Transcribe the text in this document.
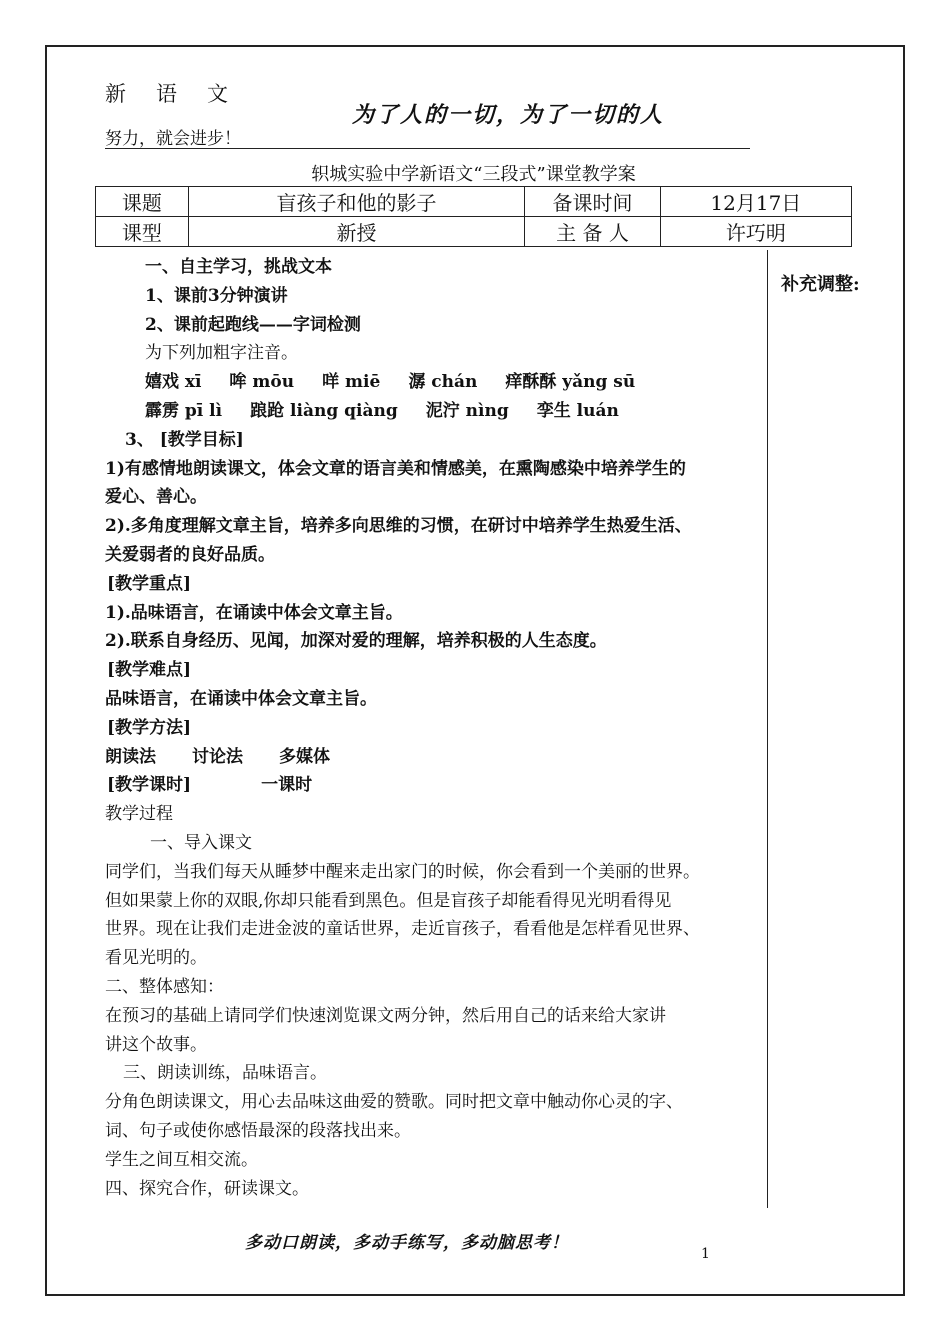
新语文
为了人的一切，为了一切的人
努力，就会进步！
轵城实验中学新语文“三段式”课堂教学案
课题	盲孩子和他的影子	备课时间	12月17日
课型	新授	主 备 人	许巧明
补充调整:
一、自主学习，挑战文本
1、课前3分钟演讲
2、课前起跑线——字词检测
为下列加粗字注音。
嬉戏 xī 哞 mōu 咩 miē 潺 chán 痒酥酥 yǎng sū
霹雳 pī lì 踉跄 liàng qiàng 泥泞 nìng 孪生 luán
3、 [教学目标]
1)有感情地朗读课文，体会文章的语言美和情感美，在熏陶感染中培养学生的
爱心、善心。
2).多角度理解文章主旨，培养多向思维的习惯，在研讨中培养学生热爱生活、
关爱弱者的良好品质。
[教学重点]
1).品味语言，在诵读中体会文章主旨。
2).联系自身经历、见闻，加深对爱的理解，培养积极的人生态度。
[教学难点]
品味语言，在诵读中体会文章主旨。
[教学方法]
朗读法 讨论法 多媒体
[教学课时]	一课时
教学过程
一、导入课文
同学们，当我们每天从睡梦中醒来走出家门的时候，你会看到一个美丽的世界。
但如果蒙上你的双眼,你却只能看到黑色。但是盲孩子却能看得见光明看得见
世界。现在让我们走进金波的童话世界，走近盲孩子，看看他是怎样看见世界、
看见光明的。
二、整体感知：
在预习的基础上请同学们快速浏览课文两分钟，然后用自己的话来给大家讲
讲这个故事。
三、朗读训练，品味语言。
分角色朗读课文，用心去品味这曲爱的赞歌。同时把文章中触动你心灵的字、
词、句子或使你感悟最深的段落找出来。
学生之间互相交流。
四、探究合作，研读课文。
多动口朗读，多动手练写，多动脑思考！
1
